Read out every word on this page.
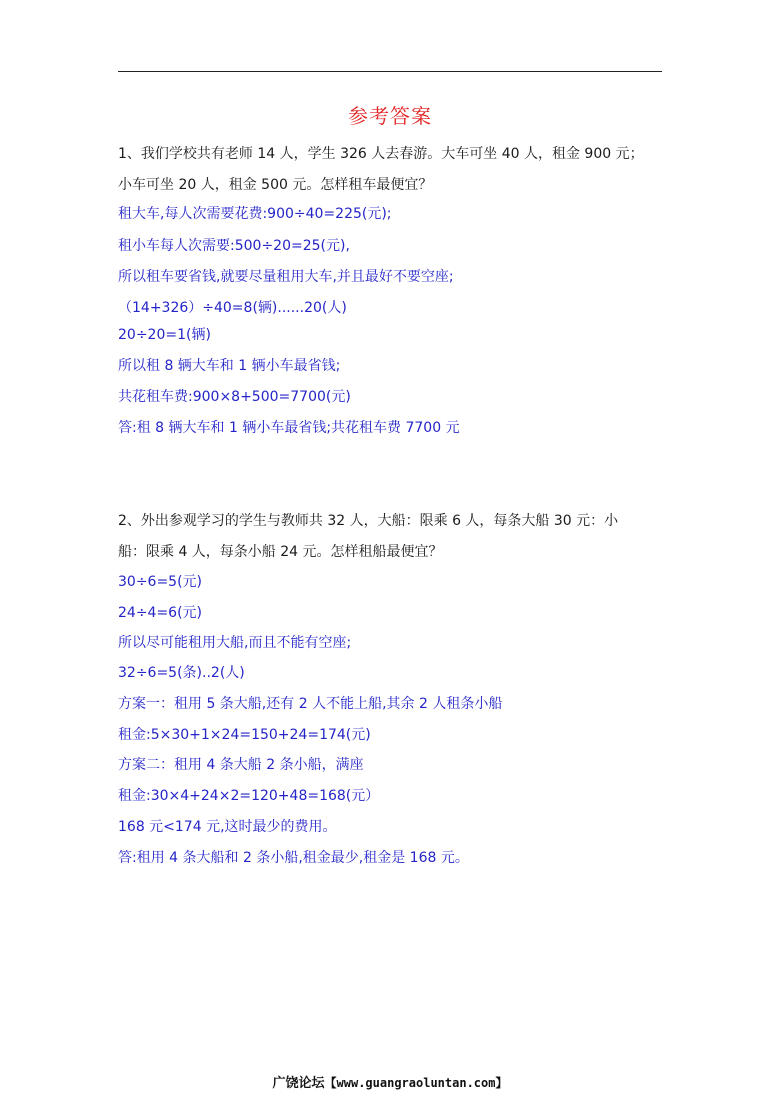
参考答案
1、我们学校共有老师 14 人，学生 326 人去春游。大车可坐 40 人，租金 900 元；
小车可坐 20 人，租金 500 元。怎样租车最便宜？
租大车,每人次需要花费:900÷40=225(元);
租小车每人次需要:500÷20=25(元),
所以租车要省钱,就要尽量租用大车,并且最好不要空座;
（14+326）÷40=8(辆)......20(人)
20÷20=1(辆)
所以租 8 辆大车和 1 辆小车最省钱;
共花租车费:900×8+500=7700(元)
答:租 8 辆大车和 1 辆小车最省钱;共花租车费 7700 元
2、外出参观学习的学生与教师共 32 人，大船：限乘 6 人，每条大船 30 元：小
船：限乘 4 人，每条小船 24 元。怎样租船最便宜？
30÷6=5(元)
24÷4=6(元)
所以尽可能租用大船,而且不能有空座;
32÷6=5(条)..2(人)
方案一：租用 5 条大船,还有 2 人不能上船,其余 2 人租条小船
租金:5×30+1×24=150+24=174(元)
方案二：租用 4 条大船 2 条小船，满座
租金:30×4+24×2=120+48=168(元）
168 元<174 元,这时最少的费用。
答:租用 4 条大船和 2 条小船,租金最少,租金是 168 元。
广饶论坛【www.guangraoluntan.com】
